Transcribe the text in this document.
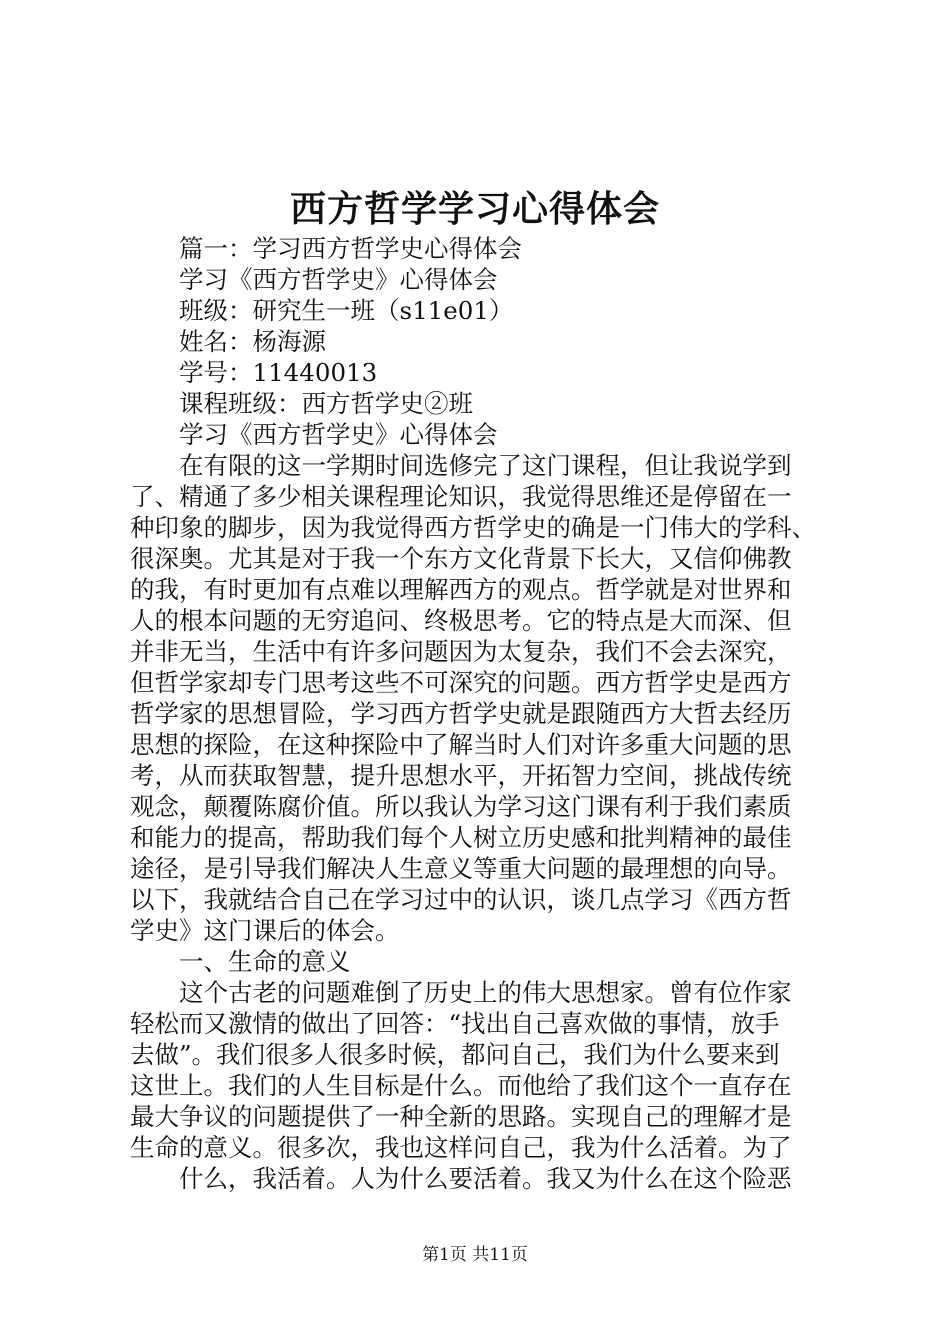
西方哲学学习心得体会
篇一：学习西方哲学史心得体会
学习《西方哲学史》心得体会
班级：研究生一班（s11e01）
姓名：杨海源
学号：11440013
课程班级：西方哲学史②班
学习《西方哲学史》心得体会
在有限的这一学期时间选修完了这门课程，但让我说学到
了、精通了多少相关课程理论知识，我觉得思维还是停留在一
种印象的脚步，因为我觉得西方哲学史的确是一门伟大的学科、
很深奥。尤其是对于我一个东方文化背景下长大，又信仰佛教
的我，有时更加有点难以理解西方的观点。哲学就是对世界和
人的根本问题的无穷追问、终极思考。它的特点是大而深、但
并非无当，生活中有许多问题因为太复杂，我们不会去深究，
但哲学家却专门思考这些不可深究的问题。西方哲学史是西方
哲学家的思想冒险，学习西方哲学史就是跟随西方大哲去经历
思想的探险，在这种探险中了解当时人们对许多重大问题的思
考，从而获取智慧，提升思想水平，开拓智力空间，挑战传统
观念，颠覆陈腐价值。所以我认为学习这门课有利于我们素质
和能力的提高，帮助我们每个人树立历史感和批判精神的最佳
途径，是引导我们解决人生意义等重大问题的最理想的向导。
以下，我就结合自己在学习过中的认识，谈几点学习《西方哲
学史》这门课后的体会。
一、生命的意义
这个古老的问题难倒了历史上的伟大思想家。曾有位作家
轻松而又激情的做出了回答：“找出自己喜欢做的事情，放手
去做”。我们很多人很多时候，都问自己，我们为什么要来到
这世上。我们的人生目标是什么。而他给了我们这个一直存在
最大争议的问题提供了一种全新的思路。实现自己的理解才是
生命的意义。很多次，我也这样问自己，我为什么活着。为了
什么，我活着。人为什么要活着。我又为什么在这个险恶
第1页 共11页
